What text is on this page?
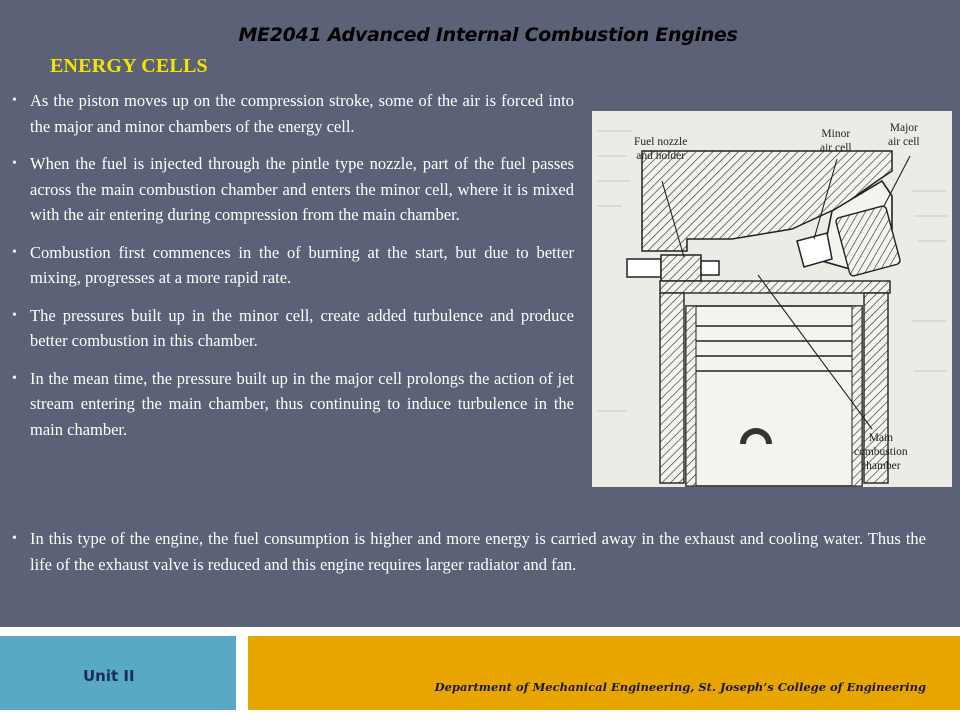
ME2041 Advanced Internal Combustion Engines
ENERGY CELLS
• As the piston moves up on the compression stroke, some of the air is forced into the major and minor chambers of the energy cell.
• When the fuel is injected through the pintle type nozzle, part of the fuel passes across the main combustion chamber and enters the minor cell, where it is mixed with the air entering during compression from the main chamber.
• Combustion first commences in the of burning at the start, but due to better mixing, progresses at a more rapid rate.
• The pressures built up in the minor cell, create added turbulence and produce better combustion in this chamber.
• In the mean time, the pressure built up in the major cell prolongs the action of jet stream entering the main chamber, thus continuing to induce turbulence in the main chamber.
• In this type of the engine, the fuel consumption is higher and more energy is carried away in the exhaust and cooling water. Thus the life of the exhaust valve is reduced and this engine requires larger radiator and fan.
Fuel nozzle
and holder
Minor
air cell
Major
air cell
Main
combustion
chamber
Unit II
Department of Mechanical Engineering, St. Joseph’s College of Engineering
